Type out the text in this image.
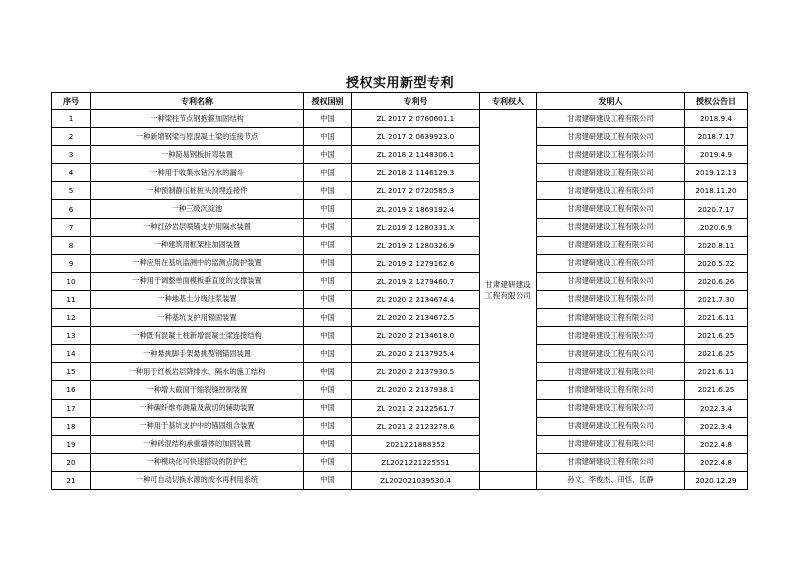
授权实用新型专利
序号	专利名称	授权国别	专利号	专利权人	发明人	授权公告日
1	一种梁柱节点钢抱箍加固结构	中国	ZL 2017 2 0760601.1	甘肃建研建设工程有限公司	甘肃建研建设工程有限公司	2018.9.4
2	一种新增钢梁与原混凝土梁的连接节点	中国	ZL 2017 2 0639923.0		甘肃建研建设工程有限公司	2018.7.17
3	一种简易钢板折弯装置	中国	ZL 2018 2 1148306.1		甘肃建研建设工程有限公司	2019.4.9
4	一种用于收集水钻污水的漏斗	中国	ZL 2018 2 1146129.3		甘肃建研建设工程有限公司	2019.12.13
5	一种预制静压桩桩头预埋连接件	中国	ZL 2017 2 0720585.3		甘肃建研建设工程有限公司	2018.11.20
6	一种三级沉淀池	中国	ZL 2019 2 1869192.4		甘肃建研建设工程有限公司	2020.7.17
7	一种红砂岩层喷锚支护用隔水装置	中国	ZL 2019 2 1280331.X		甘肃建研建设工程有限公司	2020.6.9
8	一种建筑用框架柱加固装置	中国	ZL 2019 2 1280326.9		甘肃建研建设工程有限公司	2020.8.11
9	一种应用在基坑监测中的监测点防护装置	中国	ZL 2019 2 1279162.6		甘肃建研建设工程有限公司	2020.5.22
10	一种用于调整单面模板垂直度的支撑装置	中国	ZL 2019 2 1279460.7		甘肃建研建设工程有限公司	2020.6.26
11	一种地基土分级注浆装置	中国	ZL 2020 2 2134674.4		甘肃建研建设工程有限公司	2021.7.30
12	一种基坑支护用锚固装置	中国	ZL 2020 2 2134672.5		甘肃建研建设工程有限公司	2021.6.11
13	一种既有混凝土柱新增混凝土梁连接结构	中国	ZL 2020 2 2134618.0		甘肃建研建设工程有限公司	2021.6.25
14	一种悬挑脚手架悬挑型钢锚固装置	中国	ZL 2020 2 2137925.4		甘肃建研建设工程有限公司	2021.6.25
15	一种用于红板岩层降排水、隔水的施工结构	中国	ZL 2020 2 2137930.5		甘肃建研建设工程有限公司	2021.6.11
16	一种增大截面干缩裂缝控制装置	中国	ZL 2020 2 2137938.1		甘肃建研建设工程有限公司	2021.6.25
17	一种碳纤维布测量及裁切的辅助装置	中国	ZL 2021 2 2122561.7		甘肃建研建设工程有限公司	2022.3.4
18	一种用于基坑支护中的锚固组合装置	中国	ZL 2021 2 2123278.6		甘肃建研建设工程有限公司	2022.3.4
19	一种砖混结构承重墙体的加固装置	中国	2021221888352		甘肃建研建设工程有限公司	2022.4.8
20	一种模块化可快速搭设的防护栏	中国	ZL2021221225551		甘肃建研建设工程有限公司	2022.4.8
21	一种可自动切换水源的废水再利用系统	中国	ZL202021039530.4		孙文、李俊杰、田恬、匡静	2020.12.29
